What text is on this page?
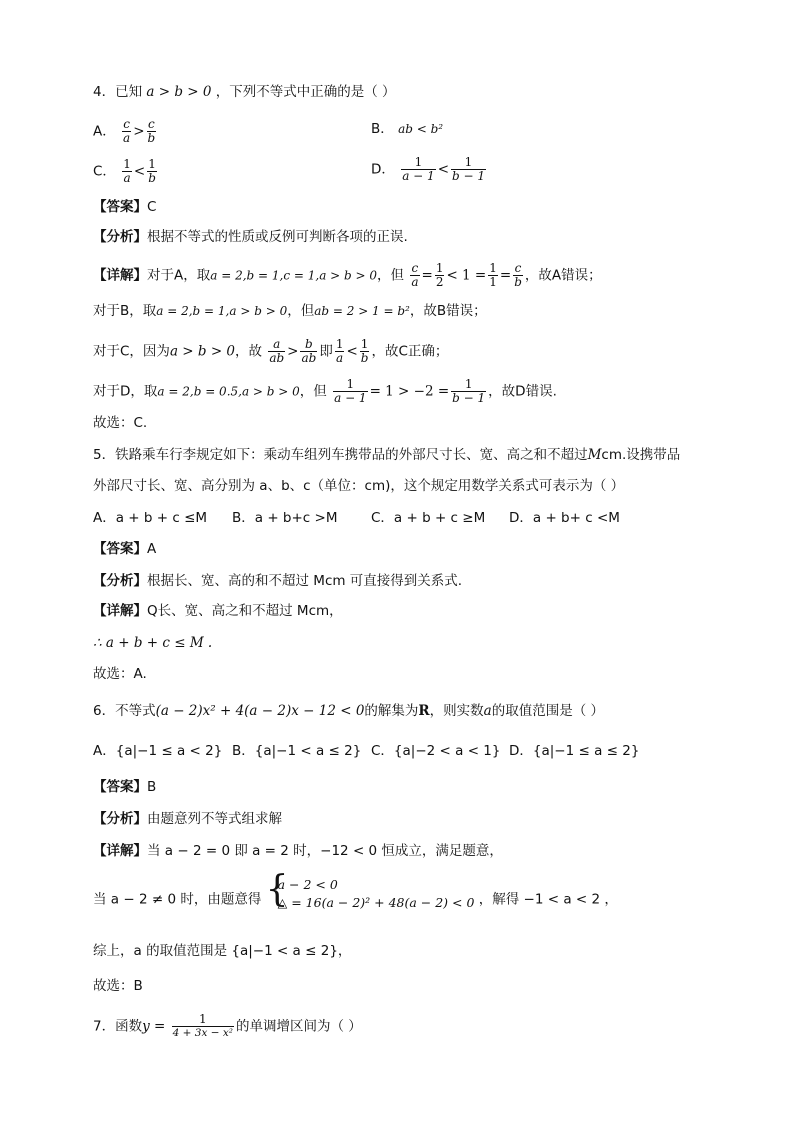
4．已知 a > b > 0 ，下列不等式中正确的是（ ）
A． $\frac{c}{a} > \frac{c}{b}$	B． ab < b²
C． $\frac{1}{a} < \frac{1}{b}$	D． $\frac{1}{a - 1} < \frac{1}{b - 1}$
【答案】C
【分析】根据不等式的性质或反例可判断各项的正误.
【详解】对于A，取a = 2,b = 1,c = 1,a > b > 0，但 $\frac{c}{a} = \frac{1}{2} < 1 = \frac{1}{1} = \frac{c}{b}$ ，故A错误；
对于B，取a = 2,b = 1,a > b > 0，但ab = 2 > 1 = b²，故B错误；
对于C，因为a > b > 0，故 $\frac{a}{ab} > \frac{b}{ab}$ 即 $\frac{1}{a} < \frac{1}{b}$ ，故C正确；
对于D，取a = 2,b = 0.5,a > b > 0，但 $\frac{1}{a - 1} = 1 > -2 = \frac{1}{b - 1}$ ，故D错误.
故选：C.
5．铁路乘车行李规定如下：乘动车组列车携带品的外部尺寸长、宽、高之和不超过Mcm.设携带品
外部尺寸长、宽、高分别为 a、b、c（单位：cm)，这个规定用数学关系式可表示为（ ）
A．a + b + c ≤M B．a + b+c >M C．a + b + c ≥M D．a + b+ c <M
【答案】A
【分析】根据长、宽、高的和不超过 Mcm 可直接得到关系式.
【详解】Q长、宽、高之和不超过 Mcm，
∴ a + b + c ≤ M .
故选：A.
6．不等式(a − 2)x² + 4(a − 2)x − 12 < 0的解集为R，则实数a的取值范围是（ ）
A．{a|−1 ≤ a < 2} B．{a|−1 < a ≤ 2} C．{a|−2 < a < 1} D．{a|−1 ≤ a ≤ 2}
【答案】B
【分析】由题意列不等式组求解
【详解】当 a − 2 = 0 即 a = 2 时，−12 < 0 恒成立，满足题意，
当 a − 2 ≠ 0 时，由题意得 {
a − 2 < 0
△ = 16(a − 2)² + 48(a − 2) < 0 ，解得 −1 < a < 2 ，
综上，a 的取值范围是 {a|−1 < a ≤ 2}，
故选：B
7．函数$y = \frac{1}{\text{4 + 3x − x²}}$ 的单调增区间为（ ）
